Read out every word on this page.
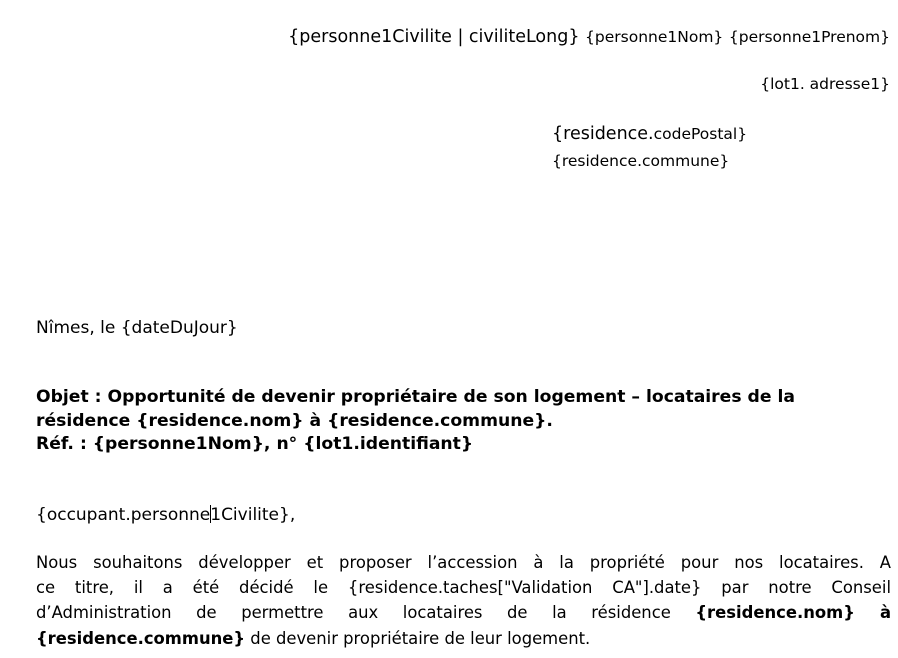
{personne1Civilite | civiliteLong} {personne1Nom} {personne1Prenom}
{lot1. adresse1}
{residence.codePostal}
{residence.commune}
Nîmes, le {dateDuJour}
Objet : Opportunité de devenir propriétaire de son logement – locataires de la
résidence {residence.nom} à {residence.commune}.
Réf. : {personne1Nom}, n° {lot1.identifiant}
{occupant.personne1Civilite},
Nous souhaitons développer et proposer l’accession à la propriété pour nos locataires. A
ce titre, il a été décidé le {residence.taches["Validation CA"].date} par notre Conseil
d’Administration de permettre aux locataires de la résidence {residence.nom} à
{residence.commune} de devenir propriétaire de leur logement.
